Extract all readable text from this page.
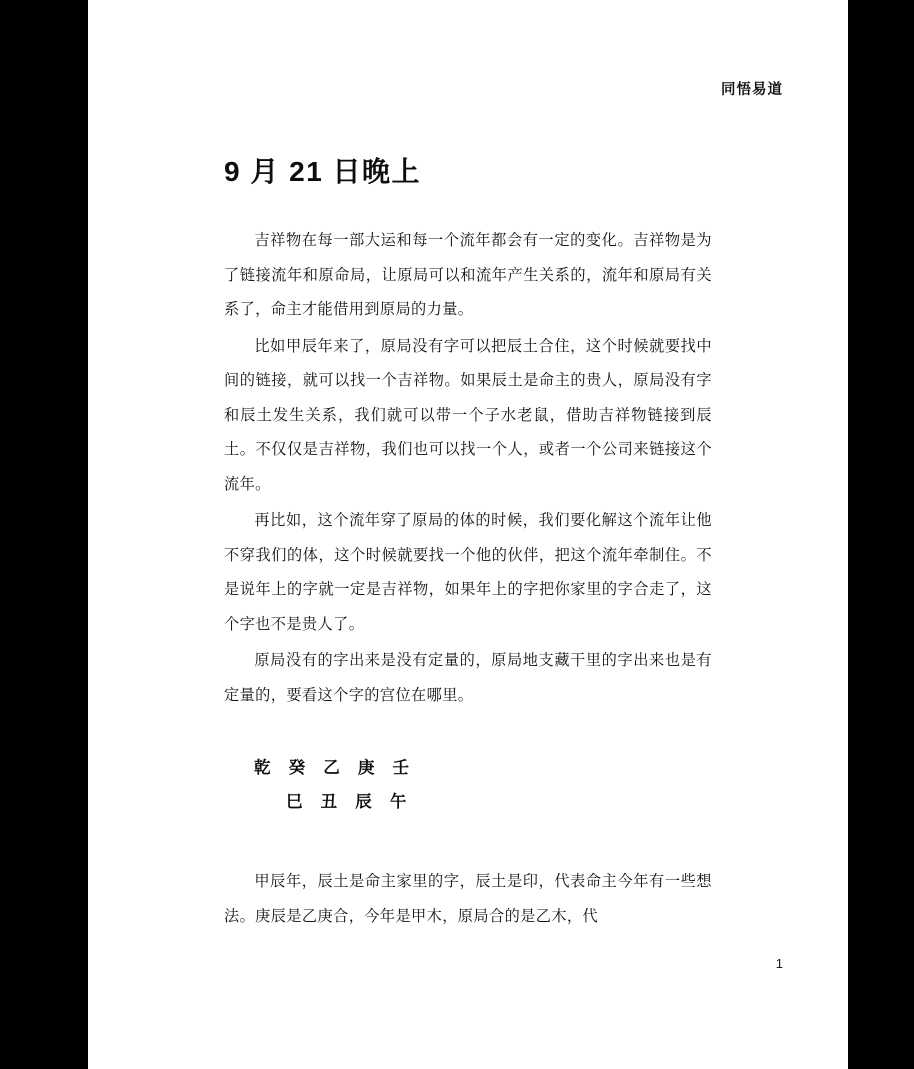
同悟易道
9 月 21 日晚上

吉祥物在每一部大运和每一个流年都会有一定的变化。吉祥物是为了链接流年和原命局，让原局可以和流年产生关系的，流年和原局有关系了，命主才能借用到原局的力量。

比如甲辰年来了，原局没有字可以把辰土合住，这个时候就要找中间的链接，就可以找一个吉祥物。如果辰土是命主的贵人，原局没有字和辰土发生关系，我们就可以带一个子水老鼠，借助吉祥物链接到辰土。不仅仅是吉祥物，我们也可以找一个人，或者一个公司来链接这个流年。

再比如，这个流年穿了原局的体的时候，我们要化解这个流年让他不穿我们的体，这个时候就要找一个他的伙伴，把这个流年牵制住。不是说年上的字就一定是吉祥物，如果年上的字把你家里的字合走了，这个字也不是贵人了。

原局没有的字出来是没有定量的，原局地支藏干里的字出来也是有定量的，要看这个字的宫位在哪里。

乾 癸 乙 庚 壬
巳 丑 辰 午

甲辰年，辰土是命主家里的字，辰土是印，代表命主今年有一些想法。庚辰是乙庚合，今年是甲木，原局合的是乙木，代

1
